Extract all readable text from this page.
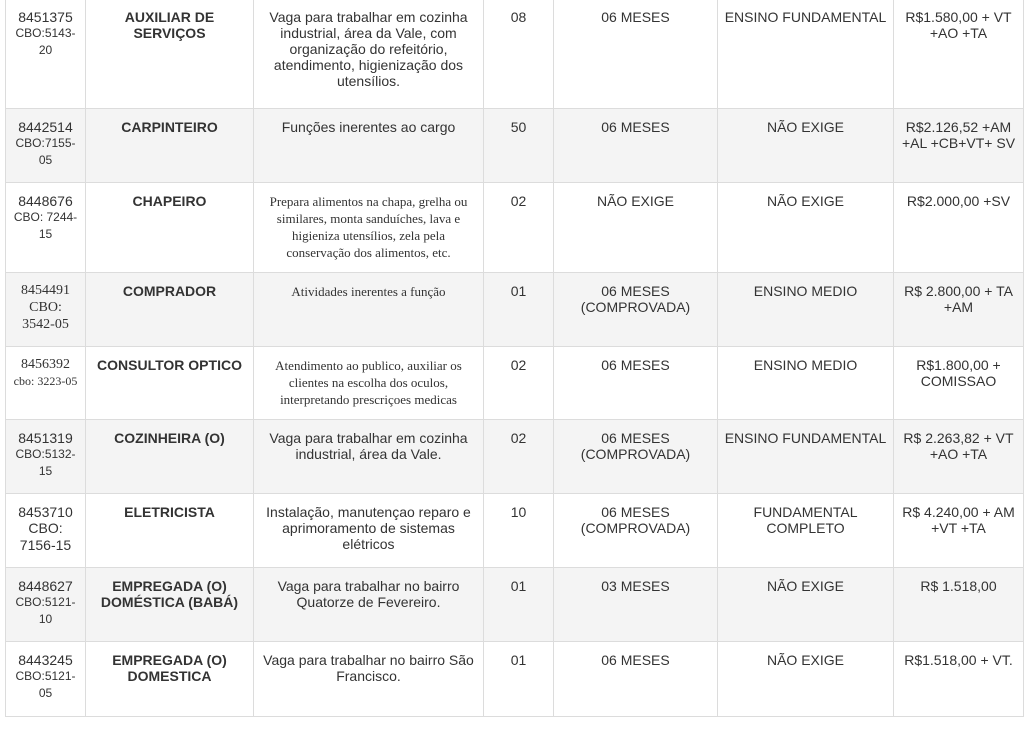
8451375
CBO:5143-20	AUXILIAR DE SERVIÇOS	Vaga para trabalhar em cozinha industrial, área da Vale, com organização do refeitório, atendimento, higienização dos utensílios.	08	06 MESES	ENSINO FUNDAMENTAL	R$1.580,00 + VT +AO +TA

8442514
CBO:7155-05	CARPINTEIRO	Funções inerentes ao cargo	50	06 MESES	NÃO EXIGE	R$2.126,52 +AM +AL +CB+VT+ SV

8448676
CBO: 7244-15	CHAPEIRO	Prepara alimentos na chapa, grelha ou similares, monta sanduíches, lava e higieniza utensílios, zela pela conservação dos alimentos, etc.	02	NÃO EXIGE	NÃO EXIGE	R$2.000,00 +SV

8454491
CBO: 3542-05	COMPRADOR	Atividades inerentes a função	01	06 MESES (COMPROVADA)	ENSINO MEDIO	R$ 2.800,00 + TA +AM

8456392
cbo: 3223-05	CONSULTOR OPTICO	Atendimento ao publico, auxiliar os clientes na escolha dos oculos, interpretando prescriçoes medicas	02	06 MESES	ENSINO MEDIO	R$1.800,00 + COMISSAO

8451319
CBO:5132-15	COZINHEIRA (O)	Vaga para trabalhar em cozinha industrial, área da Vale.	02	06 MESES (COMPROVADA)	ENSINO FUNDAMENTAL	R$ 2.263,82 + VT +AO +TA

8453710
CBO: 7156-15	ELETRICISTA	Instalação, manutençao reparo e aprimoramento de sistemas elétricos	10	06 MESES (COMPROVADA)	FUNDAMENTAL COMPLETO	R$ 4.240,00 + AM +VT +TA

8448627
CBO:5121-10	EMPREGADA (O) DOMÉSTICA (BABÁ)	Vaga para trabalhar no bairro Quatorze de Fevereiro.	01	03 MESES	NÃO EXIGE	R$ 1.518,00

8443245
CBO:5121-05	EMPREGADA (O) DOMESTICA	Vaga para trabalhar no bairro São Francisco.	01	06 MESES	NÃO EXIGE	R$1.518,00 + VT.
